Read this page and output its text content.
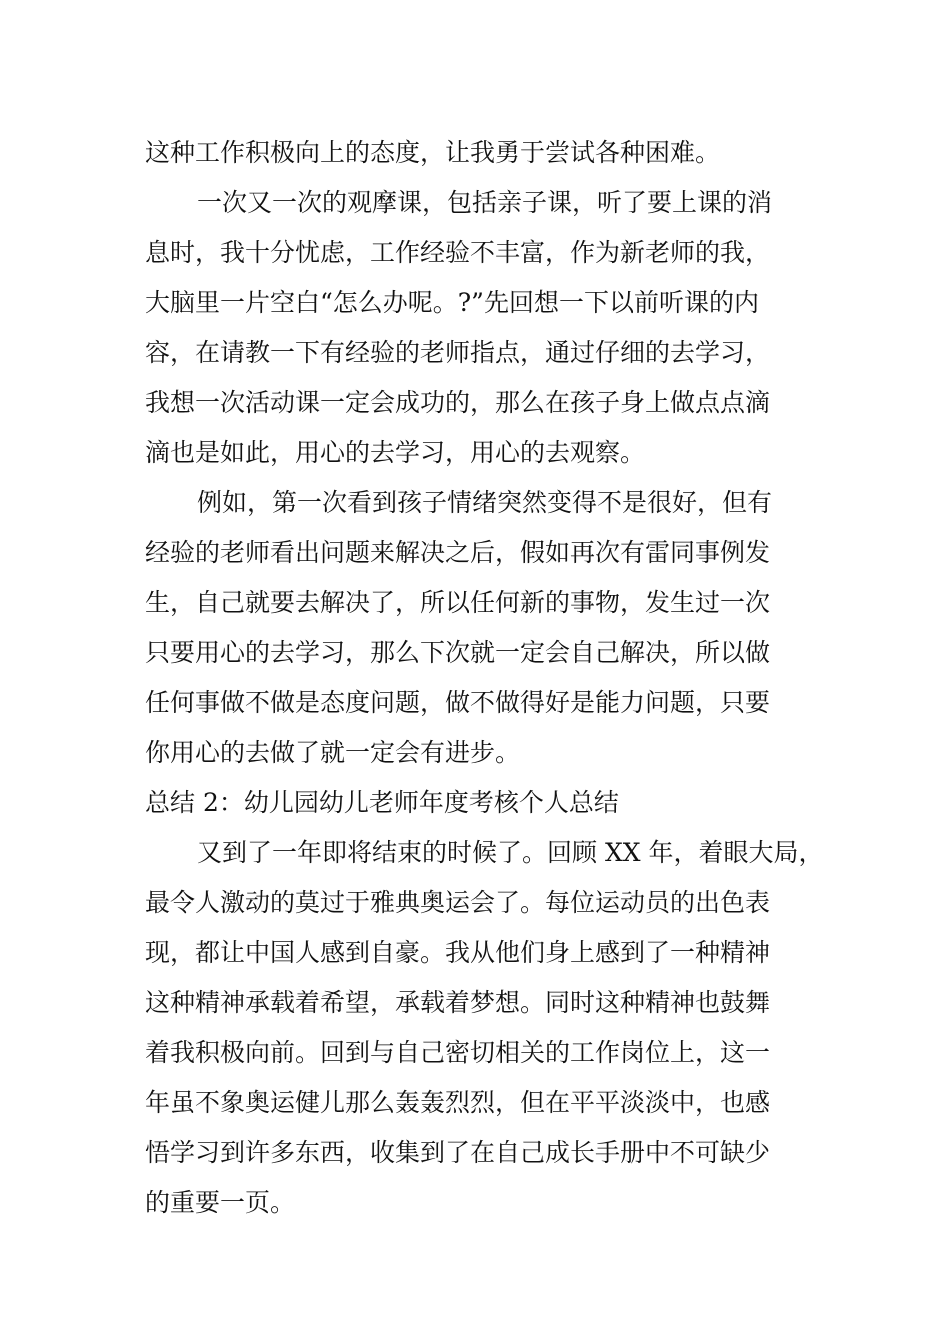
这种工作积极向上的态度，让我勇于尝试各种困难。
一次又一次的观摩课，包括亲子课，听了要上课的消
息时，我十分忧虑，工作经验不丰富，作为新老师的我，
大脑里一片空白“怎么办呢。?”先回想一下以前听课的内
容，在请教一下有经验的老师指点，通过仔细的去学习，
我想一次活动课一定会成功的，那么在孩子身上做点点滴
滴也是如此，用心的去学习，用心的去观察。
例如，第一次看到孩子情绪突然变得不是很好，但有
经验的老师看出问题来解决之后，假如再次有雷同事例发
生，自己就要去解决了，所以任何新的事物，发生过一次
只要用心的去学习，那么下次就一定会自己解决，所以做
任何事做不做是态度问题，做不做得好是能力问题，只要
你用心的去做了就一定会有进步。
总结 2：幼儿园幼儿老师年度考核个人总结
又到了一年即将结束的时候了。回顾 XX 年，着眼大局，
最令人激动的莫过于雅典奥运会了。每位运动员的出色表
现，都让中国人感到自豪。我从他们身上感到了一种精神
这种精神承载着希望，承载着梦想。同时这种精神也鼓舞
着我积极向前。回到与自己密切相关的工作岗位上，这一
年虽不象奥运健儿那么轰轰烈烈，但在平平淡淡中，也感
悟学习到许多东西，收集到了在自己成长手册中不可缺少
的重要一页。
